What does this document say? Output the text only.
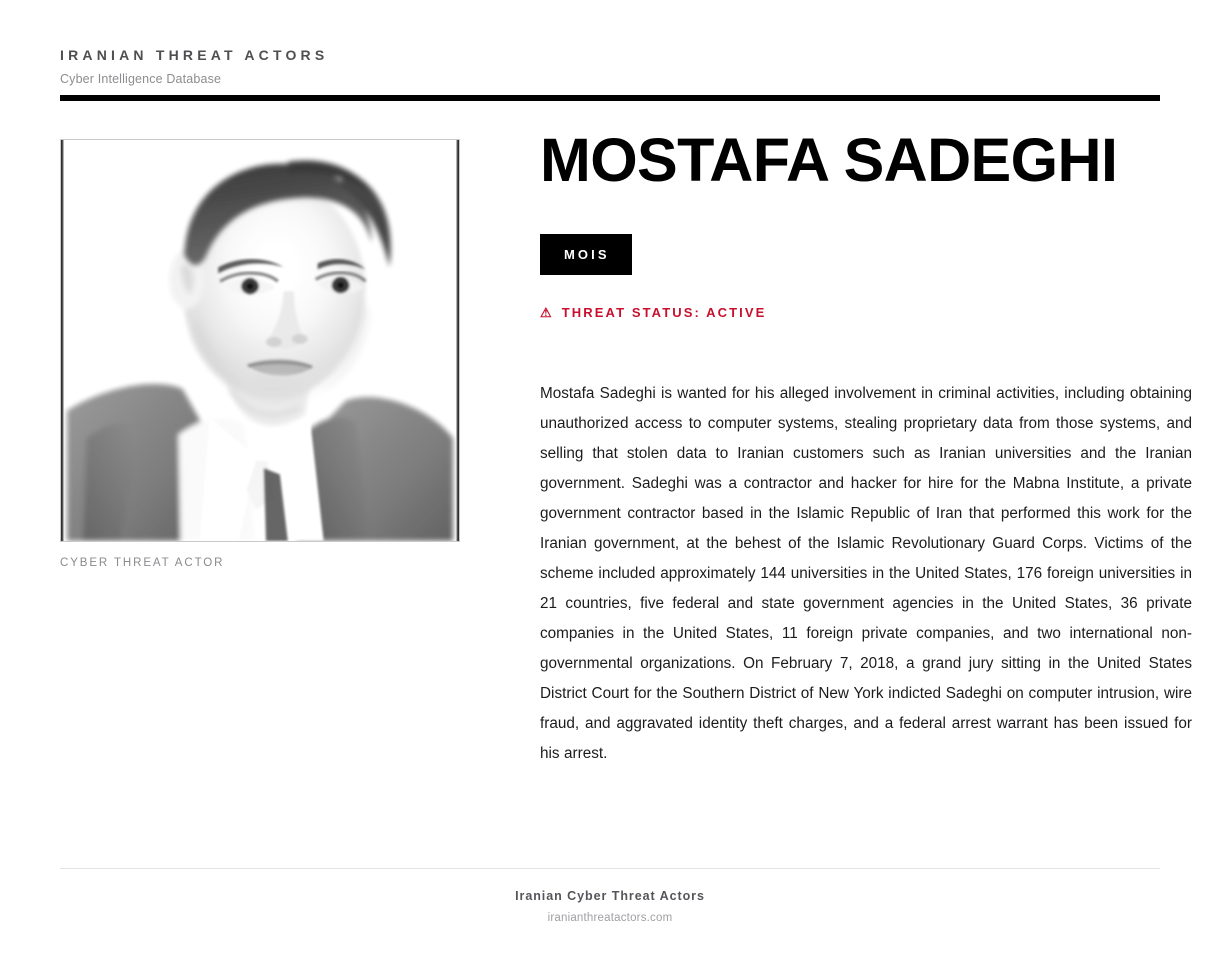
IRANIAN THREAT ACTORS
Cyber Intelligence Database
CYBER THREAT ACTOR
MOSTAFA SADEGHI
MOIS
⚠ THREAT STATUS: ACTIVE

Mostafa Sadeghi is wanted for his alleged involvement in criminal activities, including obtaining unauthorized access to computer systems, stealing proprietary data from those systems, and selling that stolen data to Iranian customers such as Iranian universities and the Iranian government. Sadeghi was a contractor and hacker for hire for the Mabna Institute, a private government contractor based in the Islamic Republic of Iran that performed this work for the Iranian government, at the behest of the Islamic Revolutionary Guard Corps. Victims of the scheme included approximately 144 universities in the United States, 176 foreign universities in 21 countries, five federal and state government agencies in the United States, 36 private companies in the United States, 11 foreign private companies, and two international non-governmental organizations. On February 7, 2018, a grand jury sitting in the United States District Court for the Southern District of New York indicted Sadeghi on computer intrusion, wire fraud, and aggravated identity theft charges, and a federal arrest warrant has been issued for his arrest.

Iranian Cyber Threat Actors
iranianthreatactors.com
